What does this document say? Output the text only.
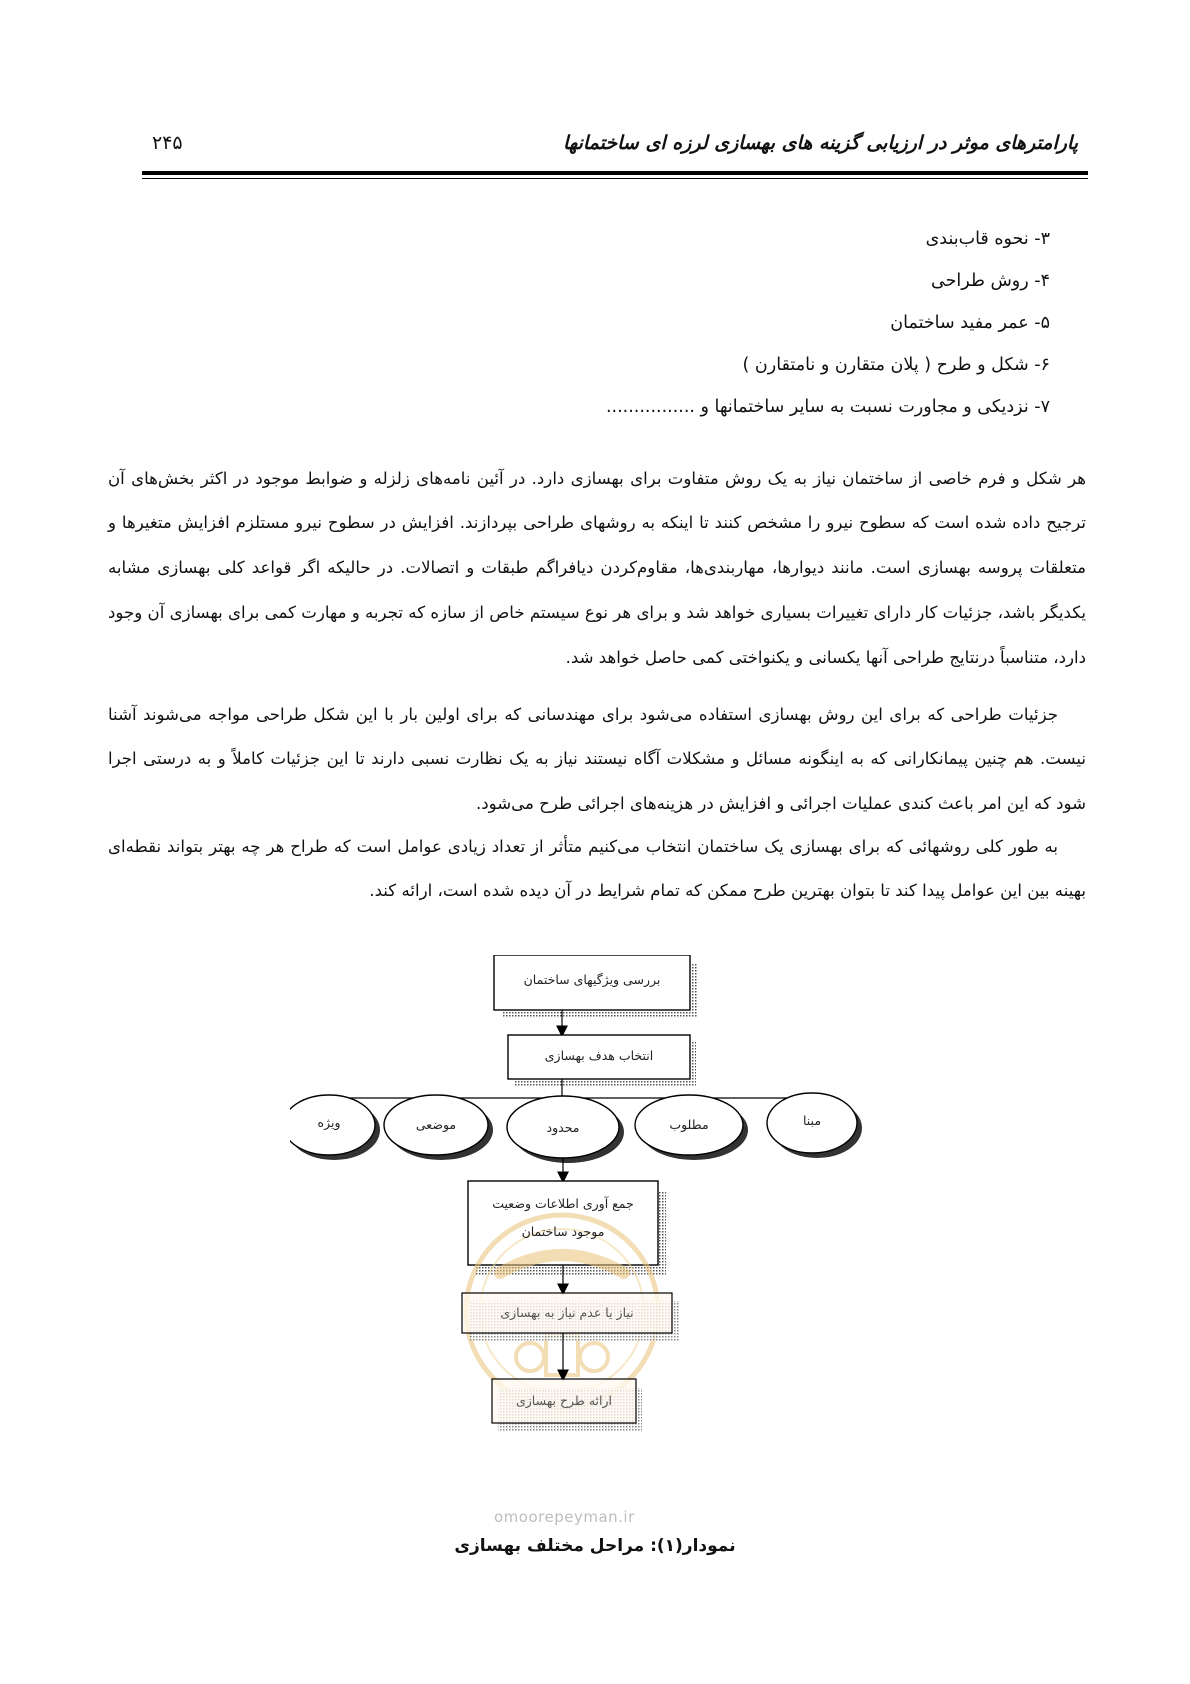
پارامترهای موثر در ارزیابی گزینه های بهسازی لرزه ای ساختمانها
۲۴۵
۳- نحوه قاب‌بندی
۴- روش طراحی
۵- عمر مفید ساختمان
۶- شکل و طرح ( پلان متقارن و نامتقارن )
۷- نزدیکی و مجاورت نسبت به سایر ساختمانها و ................

هر شکل و فرم خاصی از ساختمان نیاز به یک روش متفاوت برای بهسازی دارد. در آئین نامه‌های زلزله و ضوابط موجود در اکثر بخش‌های آن ترجیح داده شده است که سطوح نیرو را مشخص کنند تا اینکه به روشهای طراحی بپردازند. افزایش در سطوح نیرو مستلزم افزایش متغیرها و متعلقات پروسه بهسازی است. مانند دیوارها، مهاربندی‌ها، مقاوم‌کردن دیافراگم طبقات و اتصالات. در حالیکه اگر قواعد کلی بهسازی مشابه یکدیگر باشد، جزئیات کار دارای تغییرات بسیاری خواهد شد و برای هر نوع سیستم خاص از سازه که تجربه و مهارت کمی برای بهسازی آن وجود دارد، متناسباً درنتایج طراحی آنها یکسانی و یکنواختی کمی حاصل خواهد شد.

جزئیات طراحی که برای این روش بهسازی استفاده می‌شود برای مهندسانی که برای اولین بار با این شکل طراحی مواجه می‌شوند آشنا نیست. هم چنین پیمانکارانی که به اینگونه مسائل و مشکلات آگاه نیستند نیاز به یک نظارت نسبی دارند تا این جزئیات کاملاً و به درستی اجرا شود که این امر باعث کندی عملیات اجرائی و افزایش در هزینه‌های اجرائی طرح می‌شود.

به طور کلی روشهائی که برای بهسازی یک ساختمان انتخاب می‌کنیم متأثر از تعداد زیادی عوامل است که طراح هر چه بهتر بتواند نقطه‌ای بهینه بین این عوامل پیدا کند تا بتوان بهترین طرح ممکن که تمام شرایط در آن دیده شده است، ارائه کند.

بررسی ویژگیهای ساختمان
انتخاب هدف بهسازی
ویژه	موضعی	محدود	مطلوب	مبنا
جمع آوری اطلاعات وضعیت
موجود ساختمان
نیاز یا عدم نیاز به بهسازی
ارائه طرح بهسازی
omoorepeyman.ir
نمودار(۱): مراحل مختلف بهسازی
